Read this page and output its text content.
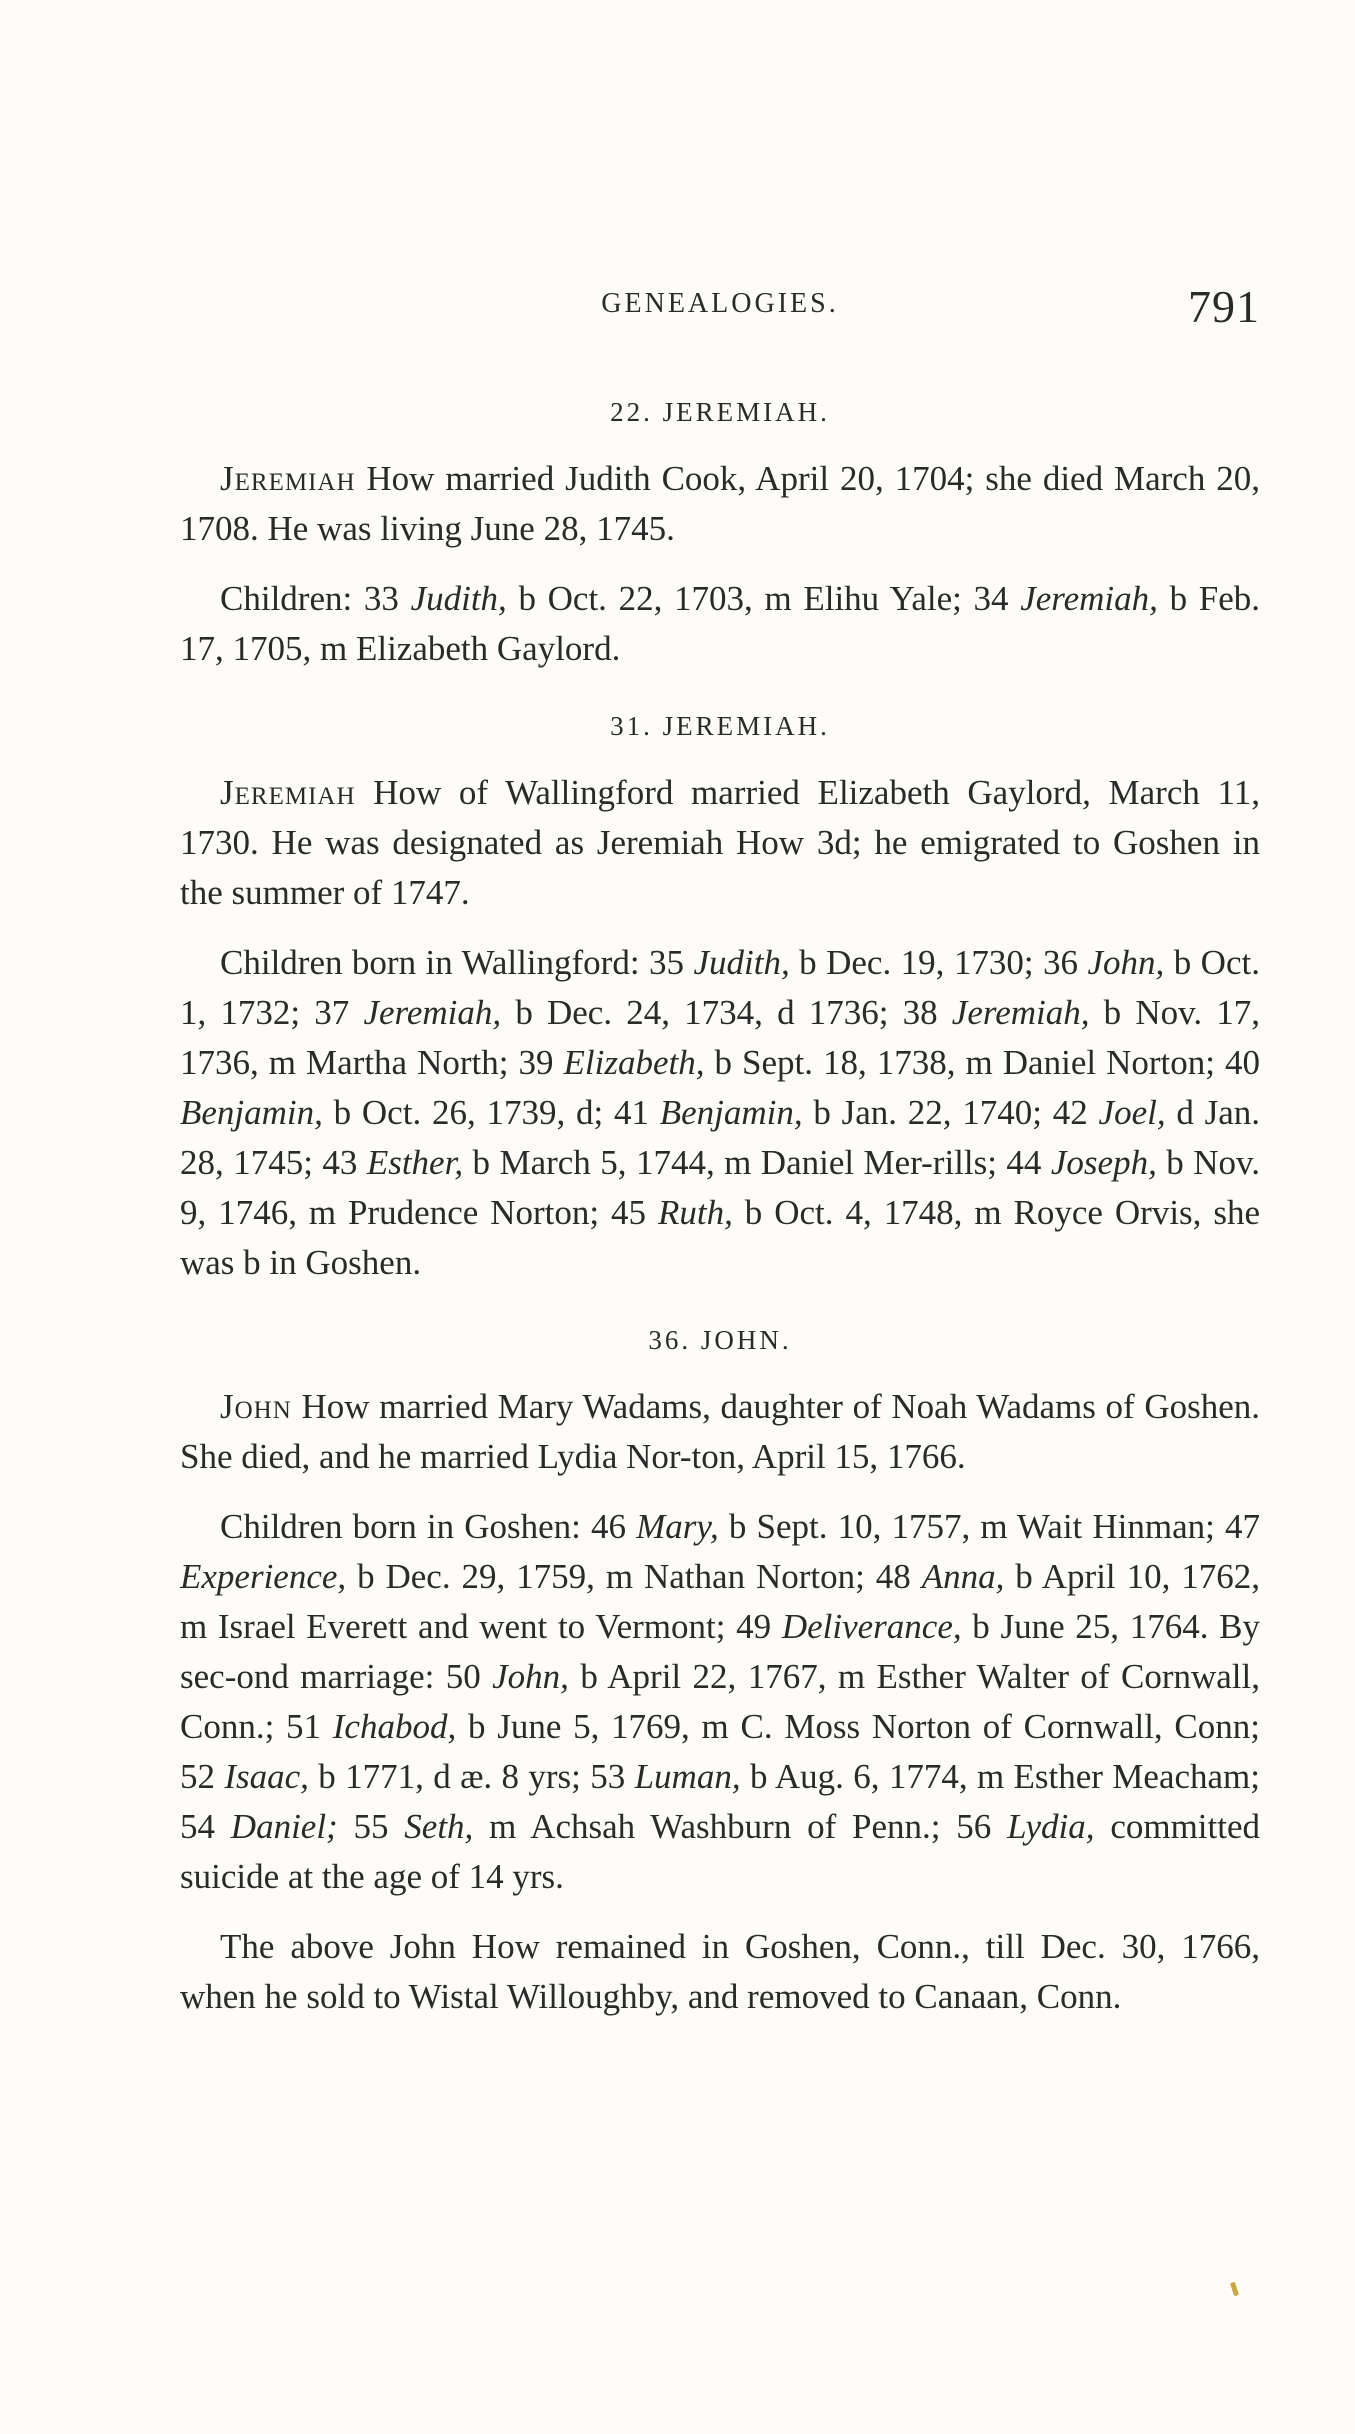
GENEALOGIES.	791
22. JEREMIAH.

Jeremiah How married Judith Cook, April 20, 1704; she died March 20, 1708. He was living June 28, 1745.

Children: 33 Judith, b Oct. 22, 1703, m Elihu Yale; 34 Jeremiah, b Feb. 17, 1705, m Elizabeth Gaylord.

31. JEREMIAH.

Jeremiah How of Wallingford married Elizabeth Gaylord, March 11, 1730. He was designated as Jeremiah How 3d; he emigrated to Goshen in the summer of 1747.

Children born in Wallingford: 35 Judith, b Dec. 19, 1730; 36 John, b Oct. 1, 1732; 37 Jeremiah, b Dec. 24, 1734, d 1736; 38 Jeremiah, b Nov. 17, 1736, m Martha North; 39 Elizabeth, b Sept. 18, 1738, m Daniel Norton; 40 Benjamin, b Oct. 26, 1739, d; 41 Benjamin, b Jan. 22, 1740; 42 Joel, d Jan. 28, 1745; 43 Esther, b March 5, 1744, m Daniel Mer-rills; 44 Joseph, b Nov. 9, 1746, m Prudence Norton; 45 Ruth, b Oct. 4, 1748, m Royce Orvis, she was b in Goshen.

36. JOHN.

John How married Mary Wadams, daughter of Noah Wadams of Goshen. She died, and he married Lydia Nor-ton, April 15, 1766.

Children born in Goshen: 46 Mary, b Sept. 10, 1757, m Wait Hinman; 47 Experience, b Dec. 29, 1759, m Nathan Norton; 48 Anna, b April 10, 1762, m Israel Everett and went to Vermont; 49 Deliverance, b June 25, 1764. By sec-ond marriage: 50 John, b April 22, 1767, m Esther Walter of Cornwall, Conn.; 51 Ichabod, b June 5, 1769, m C. Moss Norton of Cornwall, Conn; 52 Isaac, b 1771, d æ. 8 yrs; 53 Luman, b Aug. 6, 1774, m Esther Meacham; 54 Daniel; 55 Seth, m Achsah Washburn of Penn.; 56 Lydia, committed suicide at the age of 14 yrs.

The above John How remained in Goshen, Conn., till Dec. 30, 1766, when he sold to Wistal Willoughby, and removed to Canaan, Conn.
